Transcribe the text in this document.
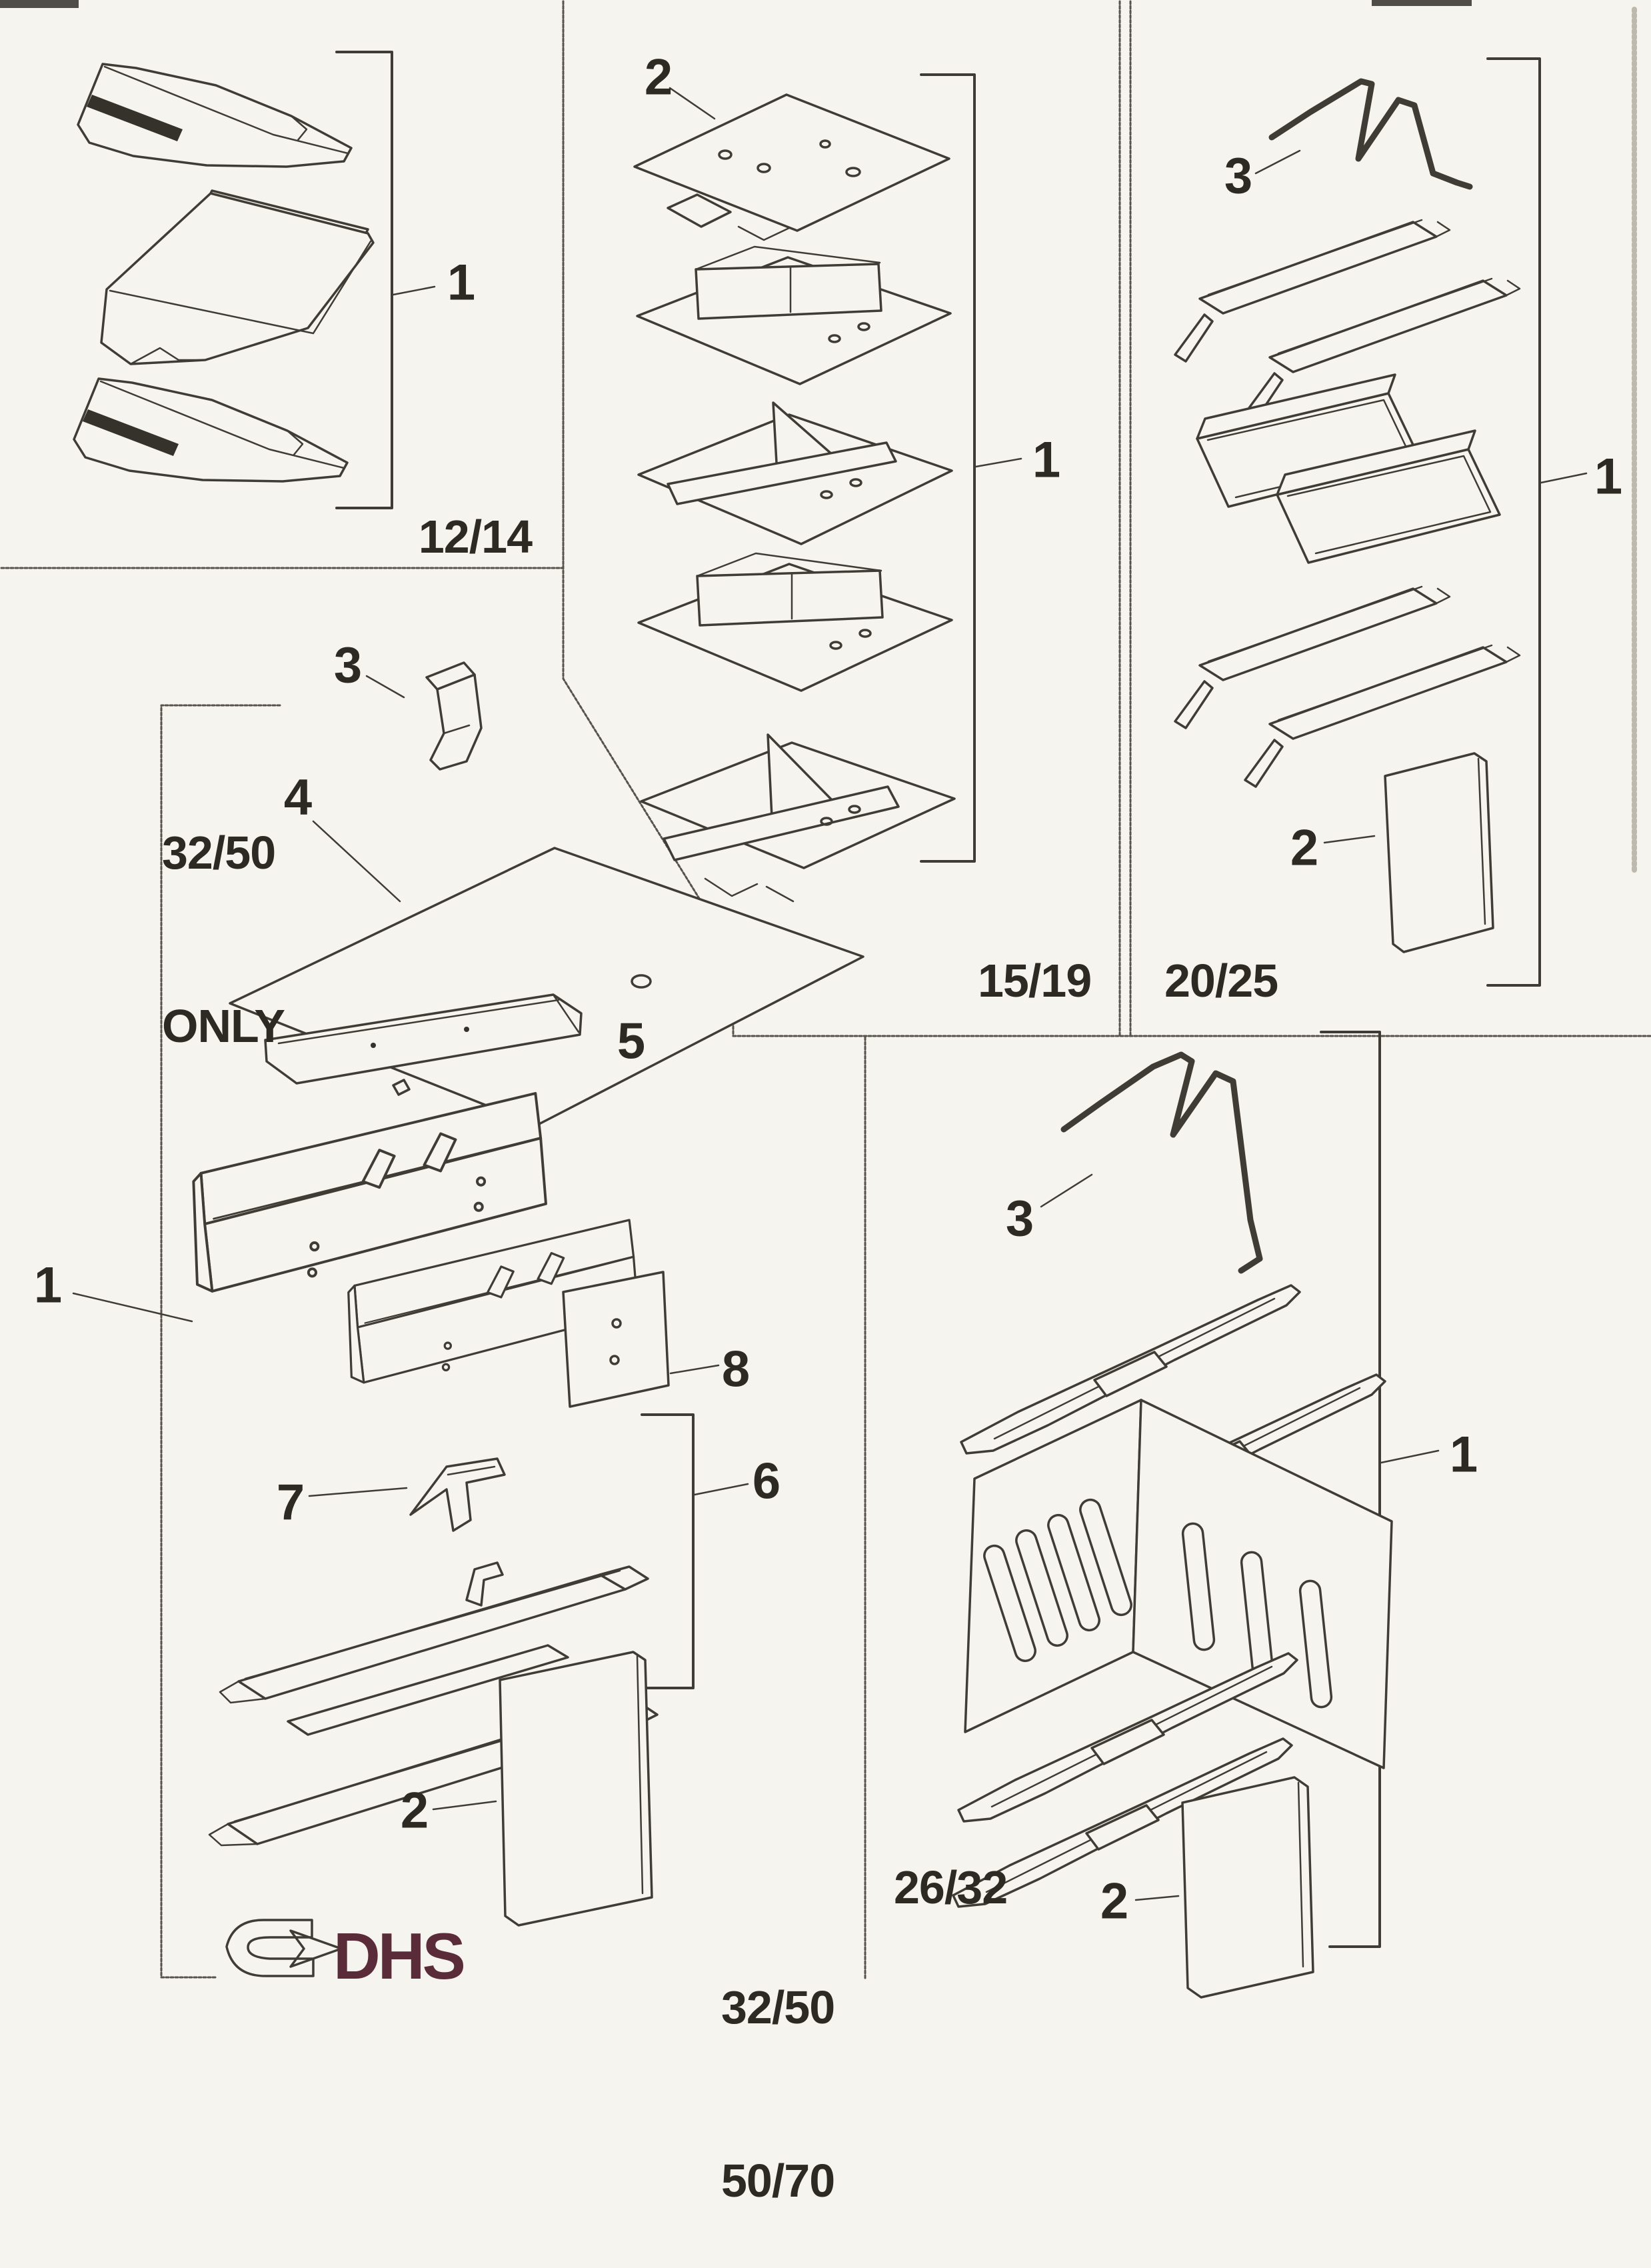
12/14
15/19 20/25

32/50

ONLY

32/50

50/70

26/32
DHS
1
2
1
3
2
1
3
4
5
1
8
7	6
2
3
1
2
